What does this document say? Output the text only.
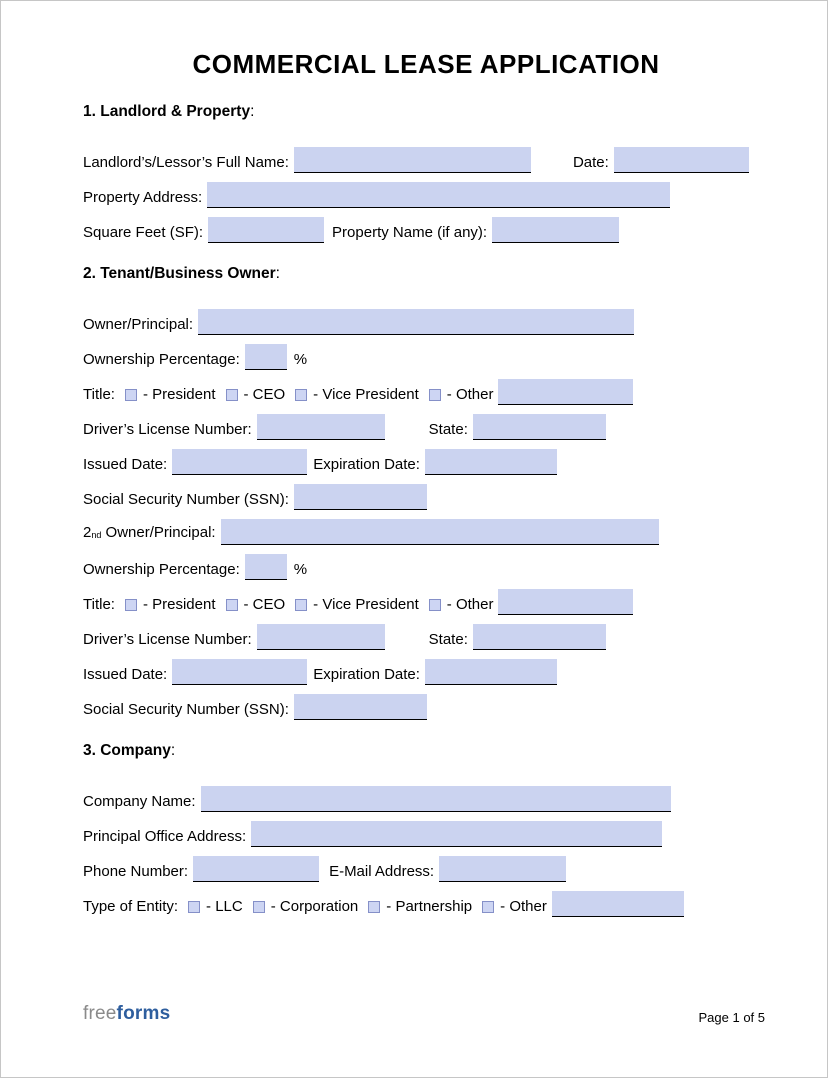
COMMERCIAL LEASE APPLICATION
1. Landlord & Property:
Landlord’s/Lessor’s Full Name:	Date:
Property Address:
Square Feet (SF):	Property Name (if any):
2. Tenant/Business Owner:
Owner/Principal:
Ownership Percentage:	%
Title: - President - CEO - Vice President - Other
Driver’s License Number:	State:
Issued Date:	Expiration Date:
Social Security Number (SSN):
2nd Owner/Principal:
Ownership Percentage:	%
Title: - President - CEO - Vice President - Other
Driver’s License Number:	State:
Issued Date:	Expiration Date:
Social Security Number (SSN):
3. Company:
Company Name:
Principal Office Address:
Phone Number:	E-Mail Address:
Type of Entity: - LLC - Corporation - Partnership - Other
freeforms	Page 1 of 5
